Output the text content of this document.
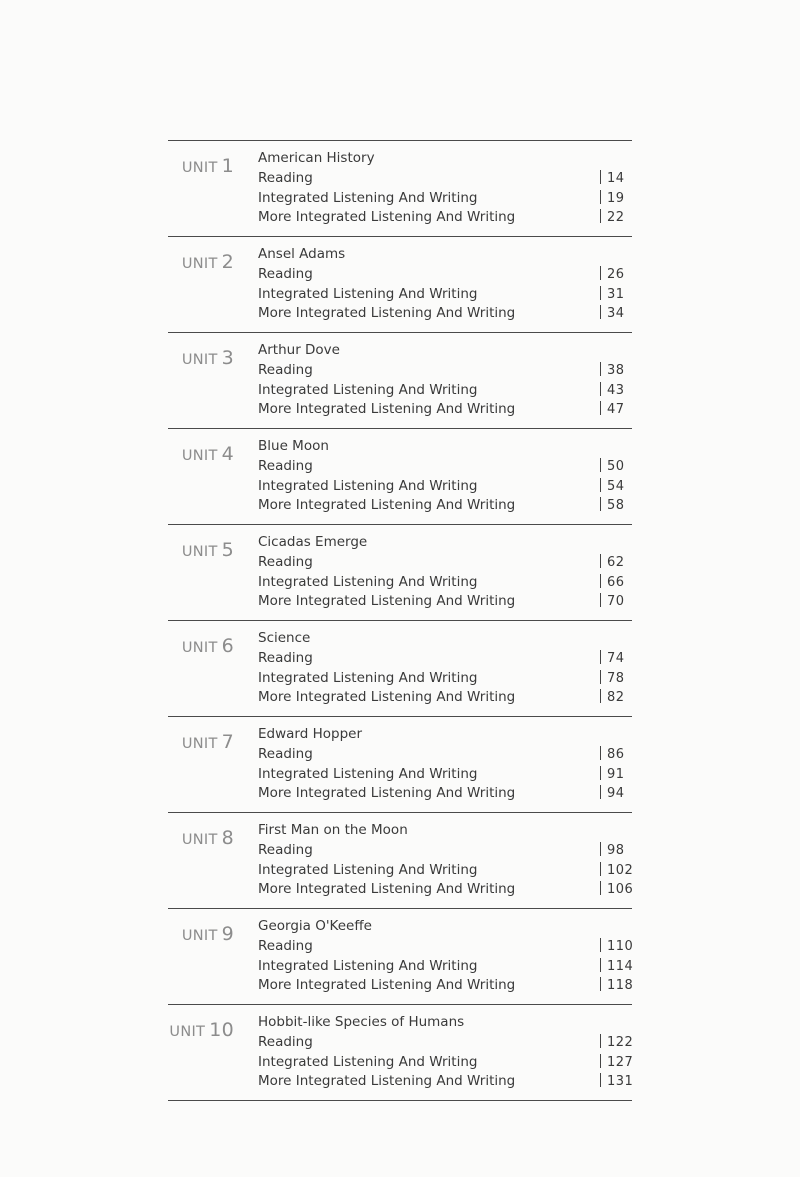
UNIT 1 American History
Reading	14
Integrated Listening And Writing	19
More Integrated Listening And Writing	22
UNIT 2 Ansel Adams
Reading	26
Integrated Listening And Writing	31
More Integrated Listening And Writing	34
UNIT 3 Arthur Dove
Reading	38
Integrated Listening And Writing	43
More Integrated Listening And Writing	47
UNIT 4 Blue Moon
Reading	50
Integrated Listening And Writing	54
More Integrated Listening And Writing	58
UNIT 5 Cicadas Emerge
Reading	62
Integrated Listening And Writing	66
More Integrated Listening And Writing	70
UNIT 6 Science
Reading	74
Integrated Listening And Writing	78
More Integrated Listening And Writing	82
UNIT 7 Edward Hopper
Reading	86
Integrated Listening And Writing	91
More Integrated Listening And Writing	94
UNIT 8 First Man on the Moon
Reading	98
Integrated Listening And Writing	102
More Integrated Listening And Writing	106
UNIT 9 Georgia O'Keeffe
Reading	110
Integrated Listening And Writing	114
More Integrated Listening And Writing	118
UNIT 10 Hobbit-like Species of Humans
Reading	122
Integrated Listening And Writing	127
More Integrated Listening And Writing	131
